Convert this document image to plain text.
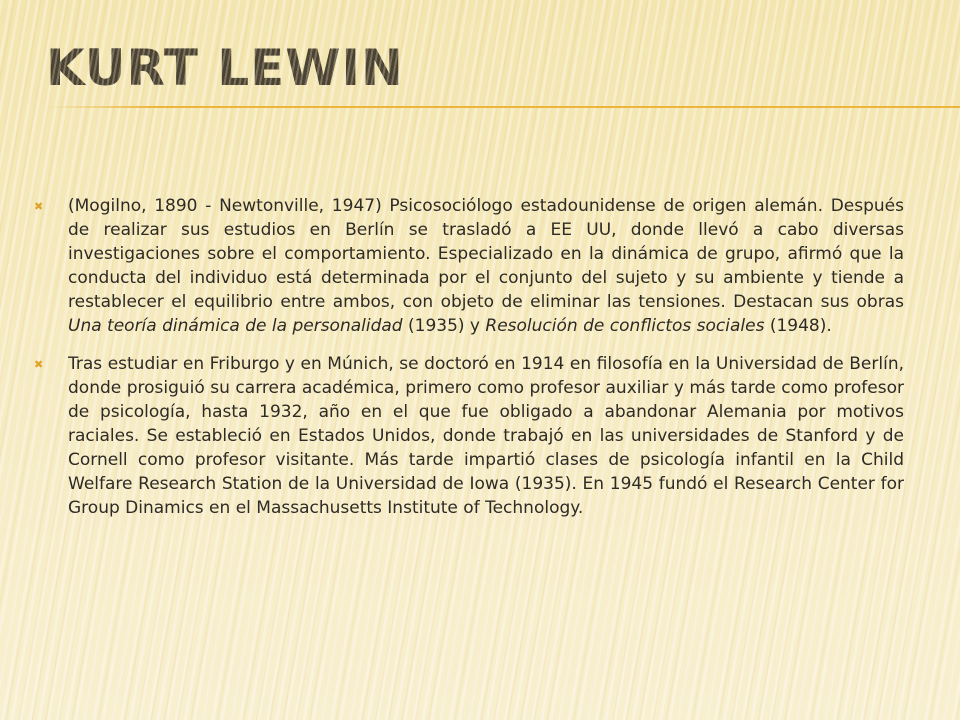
KURT LEWIN
✖	(Mogilno, 1890 - Newtonville, 1947) Psicosociólogo estadounidense de origen alemán. Después de realizar sus estudios en Berlín se trasladó a EE UU, donde llevó a cabo diversas investigaciones sobre el comportamiento. Especializado en la dinámica de grupo, afirmó que la conducta del individuo está determinada por el conjunto del sujeto y su ambiente y tiende a restablecer el equilibrio entre ambos, con objeto de eliminar las tensiones. Destacan sus obras Una teoría dinámica de la personalidad (1935) y Resolución de conflictos sociales (1948).
✖	Tras estudiar en Friburgo y en Múnich, se doctoró en 1914 en filosofía en la Universidad de Berlín, donde prosiguió su carrera académica, primero como profesor auxiliar y más tarde como profesor de psicología, hasta 1932, año en el que fue obligado a abandonar Alemania por motivos raciales. Se estableció en Estados Unidos, donde trabajó en las universidades de Stanford y de Cornell como profesor visitante. Más tarde impartió clases de psicología infantil en la Child Welfare Research Station de la Universidad de Iowa (1935). En 1945 fundó el Research Center for Group Dinamics en el Massachusetts Institute of Technology.
